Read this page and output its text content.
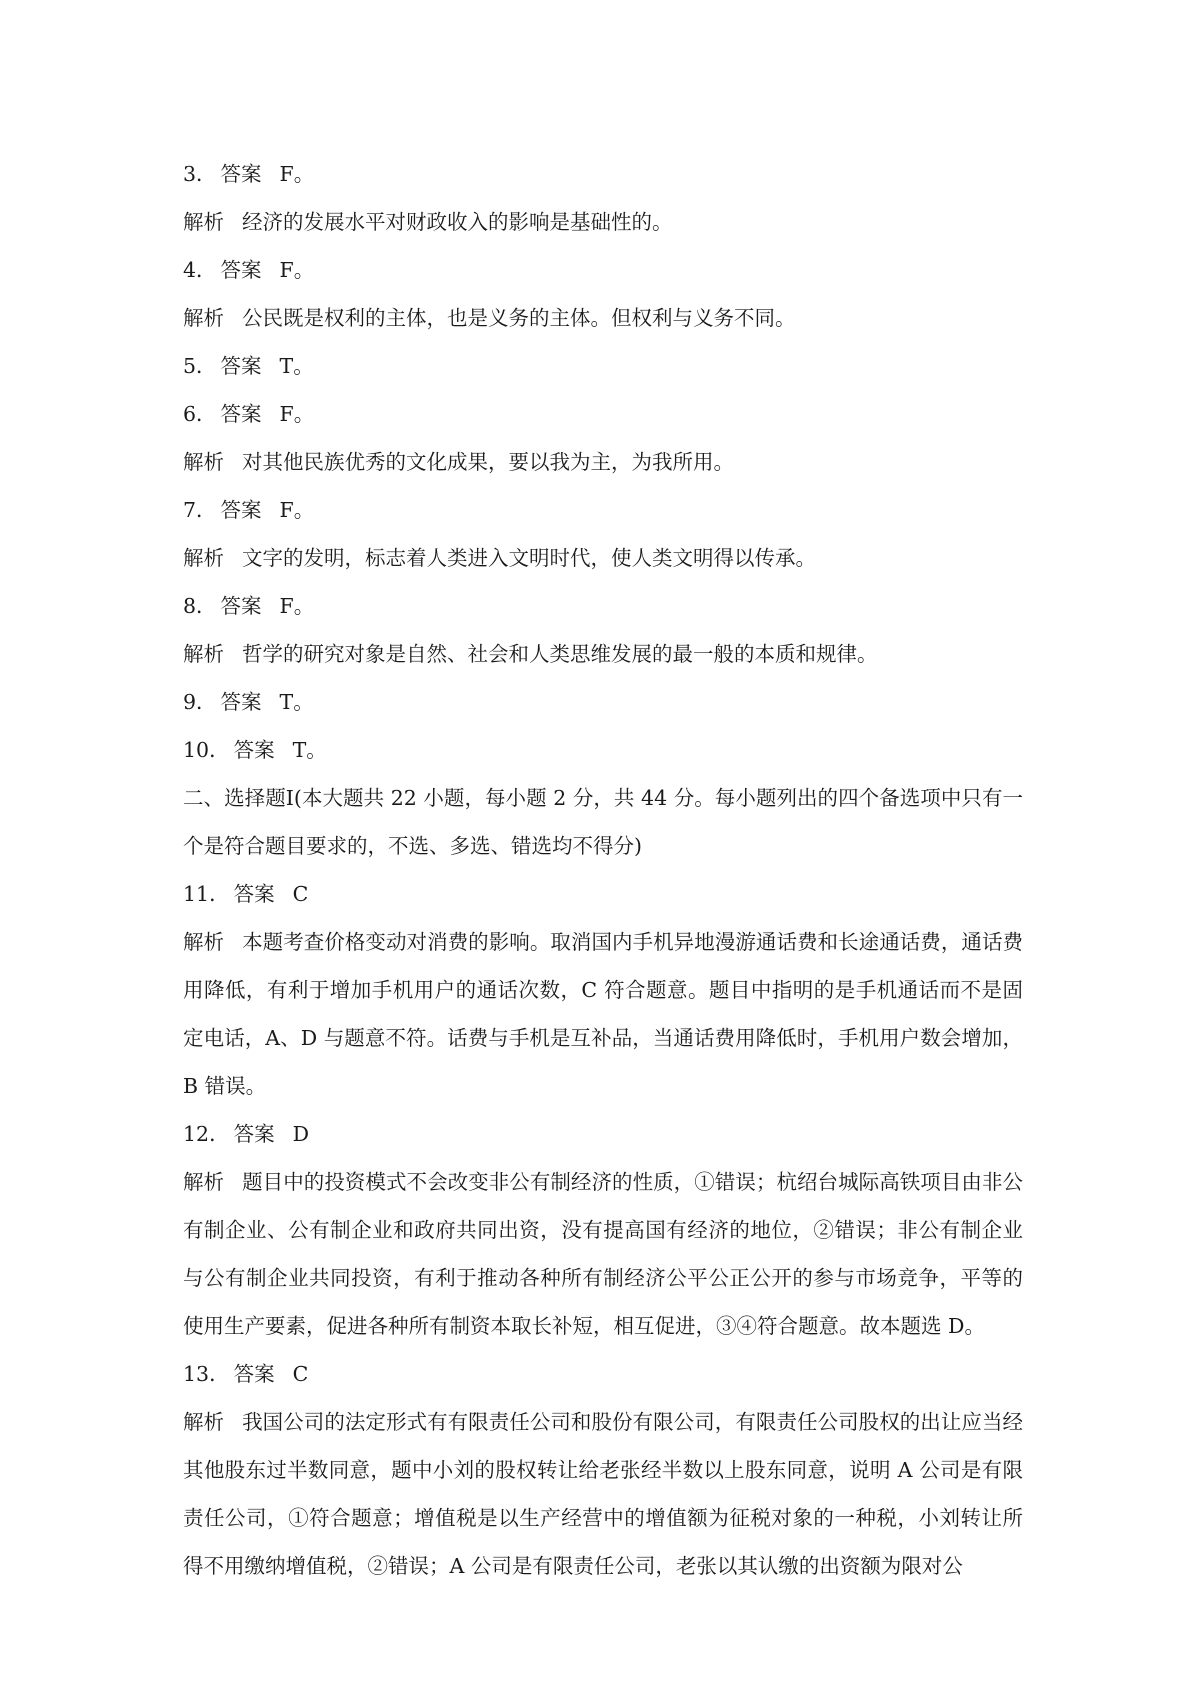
3． 答案 F。
解析 经济的发展水平对财政收入的影响是基础性的。
4． 答案 F。
解析 公民既是权利的主体，也是义务的主体。但权利与义务不同。
5． 答案 T。
6． 答案 F。
解析 对其他民族优秀的文化成果，要以我为主，为我所用。
7． 答案 F。
解析 文字的发明，标志着人类进入文明时代，使人类文明得以传承。
8． 答案 F。
解析 哲学的研究对象是自然、社会和人类思维发展的最一般的本质和规律。
9． 答案 T。
10． 答案 T。
二、选择题Ⅰ(本大题共 22 小题，每小题 2 分，共 44 分。每小题列出的四个备选项中只有一个是符合题目要求的，不选、多选、错选均不得分)
11． 答案 C
解析 本题考查价格变动对消费的影响。取消国内手机异地漫游通话费和长途通话费，通话费用降低，有利于增加手机用户的通话次数，C 符合题意。题目中指明的是手机通话而不是固定电话，A、D 与题意不符。话费与手机是互补品，当通话费用降低时，手机用户数会增加，B 错误。
12． 答案 D
解析 题目中的投资模式不会改变非公有制经济的性质，①错误；杭绍台城际高铁项目由非公有制企业、公有制企业和政府共同出资，没有提高国有经济的地位，②错误；非公有制企业与公有制企业共同投资，有利于推动各种所有制经济公平公正公开的参与市场竞争，平等的使用生产要素，促进各种所有制资本取长补短，相互促进，③④符合题意。故本题选 D。
13． 答案 C
解析 我国公司的法定形式有有限责任公司和股份有限公司，有限责任公司股权的出让应当经其他股东过半数同意，题中小刘的股权转让给老张经半数以上股东同意，说明 A 公司是有限责任公司，①符合题意；增值税是以生产经营中的增值额为征税对象的一种税，小刘转让所得不用缴纳增值税，②错误；A 公司是有限责任公司，老张以其认缴的出资额为限对公
